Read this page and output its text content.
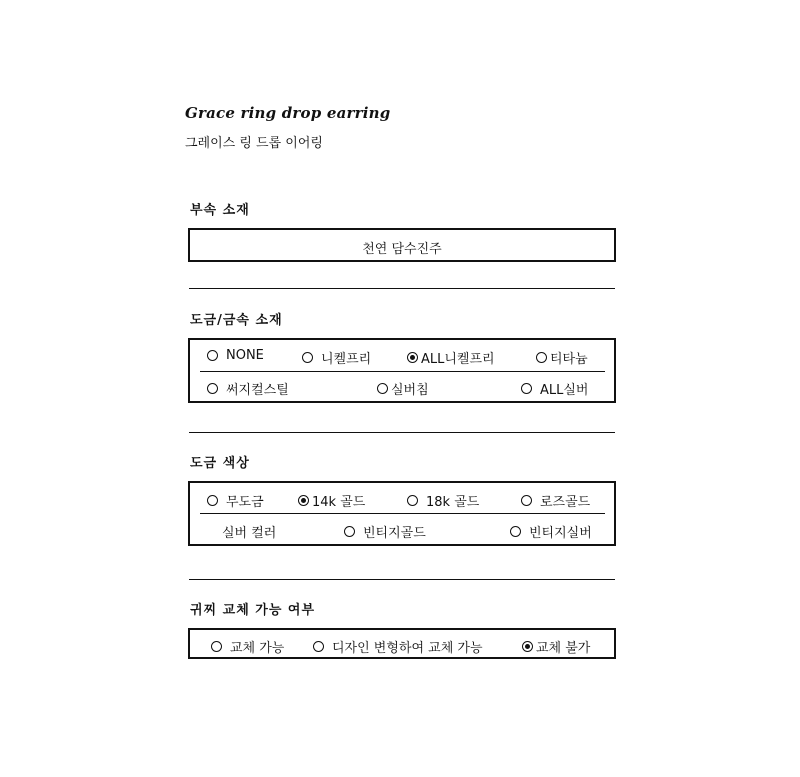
Grace ring drop earring
그레이스 링 드롭 이어링
부속 소재
천연 담수진주
도금/금속 소재
NONE	니켈프리	ALL니켈프리	티타늄
써지컬스틸	실버침	ALL실버
도금 색상
무도금	14k 골드	18k 골드	로즈골드
실버 컬러	빈티지골드	빈티지실버
귀찌 교체 가능 여부
교체 가능	디자인 변형하여 교체 가능	교체 불가
